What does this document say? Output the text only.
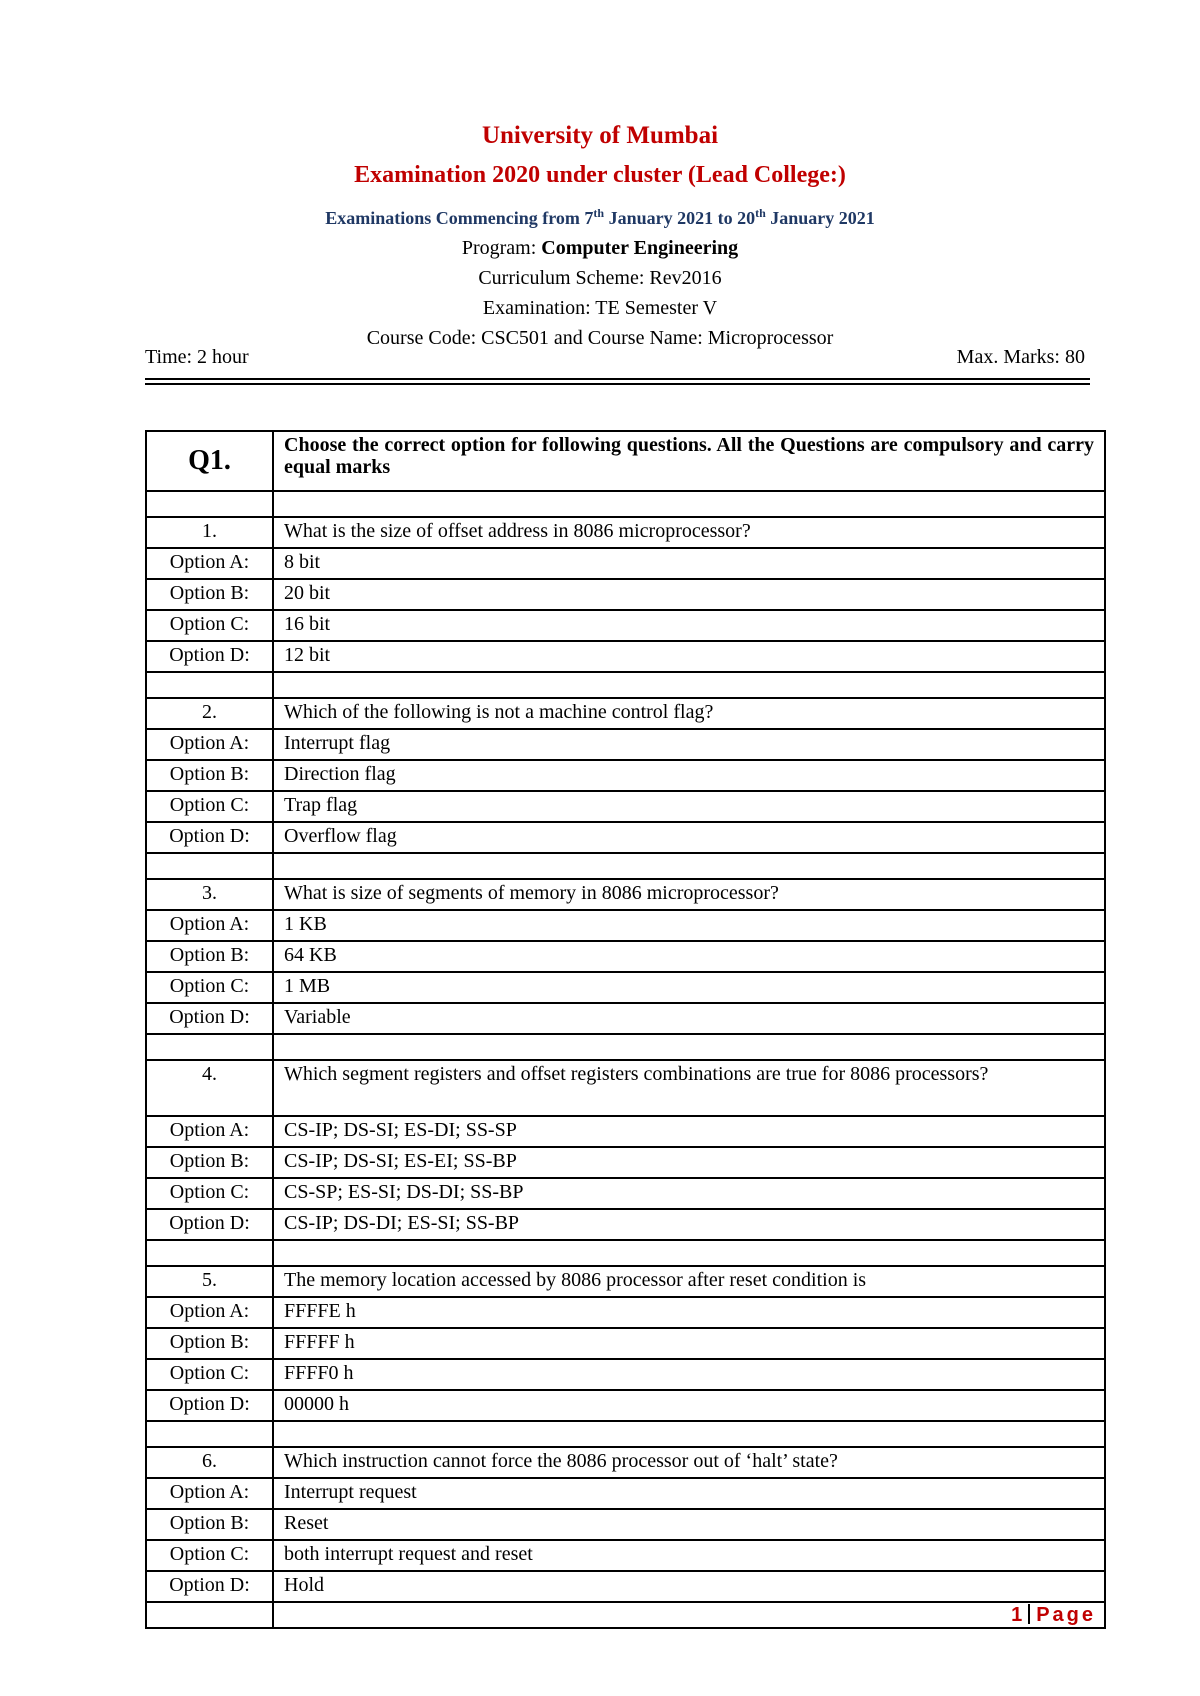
University of Mumbai
Examination 2020 under cluster (Lead College:)
Examinations Commencing from 7th January 2021 to 20th January 2021
Program: Computer Engineering
Curriculum Scheme: Rev2016
Examination: TE Semester V
Course Code: CSC501 and Course Name: Microprocessor
Time: 2 hour	Max. Marks: 80
Q1.	Choose the correct option for following questions. All the Questions are compulsory and carry equal marks

1.	What is the size of offset address in 8086 microprocessor?
Option A:	8 bit
Option B:	20 bit
Option C:	16 bit
Option D:	12 bit

2.	Which of the following is not a machine control flag?
Option A:	Interrupt flag
Option B:	Direction flag
Option C:	Trap flag
Option D:	Overflow flag

3.	What is size of segments of memory in 8086 microprocessor?
Option A:	1 KB
Option B:	64 KB
Option C:	1 MB
Option D:	Variable

4.	Which segment registers and offset registers combinations are true for 8086 processors?
Option A:	CS-IP; DS-SI; ES-DI; SS-SP
Option B:	CS-IP; DS-SI; ES-EI; SS-BP
Option C:	CS-SP; ES-SI; DS-DI; SS-BP
Option D:	CS-IP; DS-DI; ES-SI; SS-BP

5.	The memory location accessed by 8086 processor after reset condition is
Option A:	FFFFE h
Option B:	FFFFF h
Option C:	FFFF0 h
Option D:	00000 h

6.	Which instruction cannot force the 8086 processor out of ‘halt’ state?
Option A:	Interrupt request
Option B:	Reset
Option C:	both interrupt request and reset
Option D:	Hold

1 Page
